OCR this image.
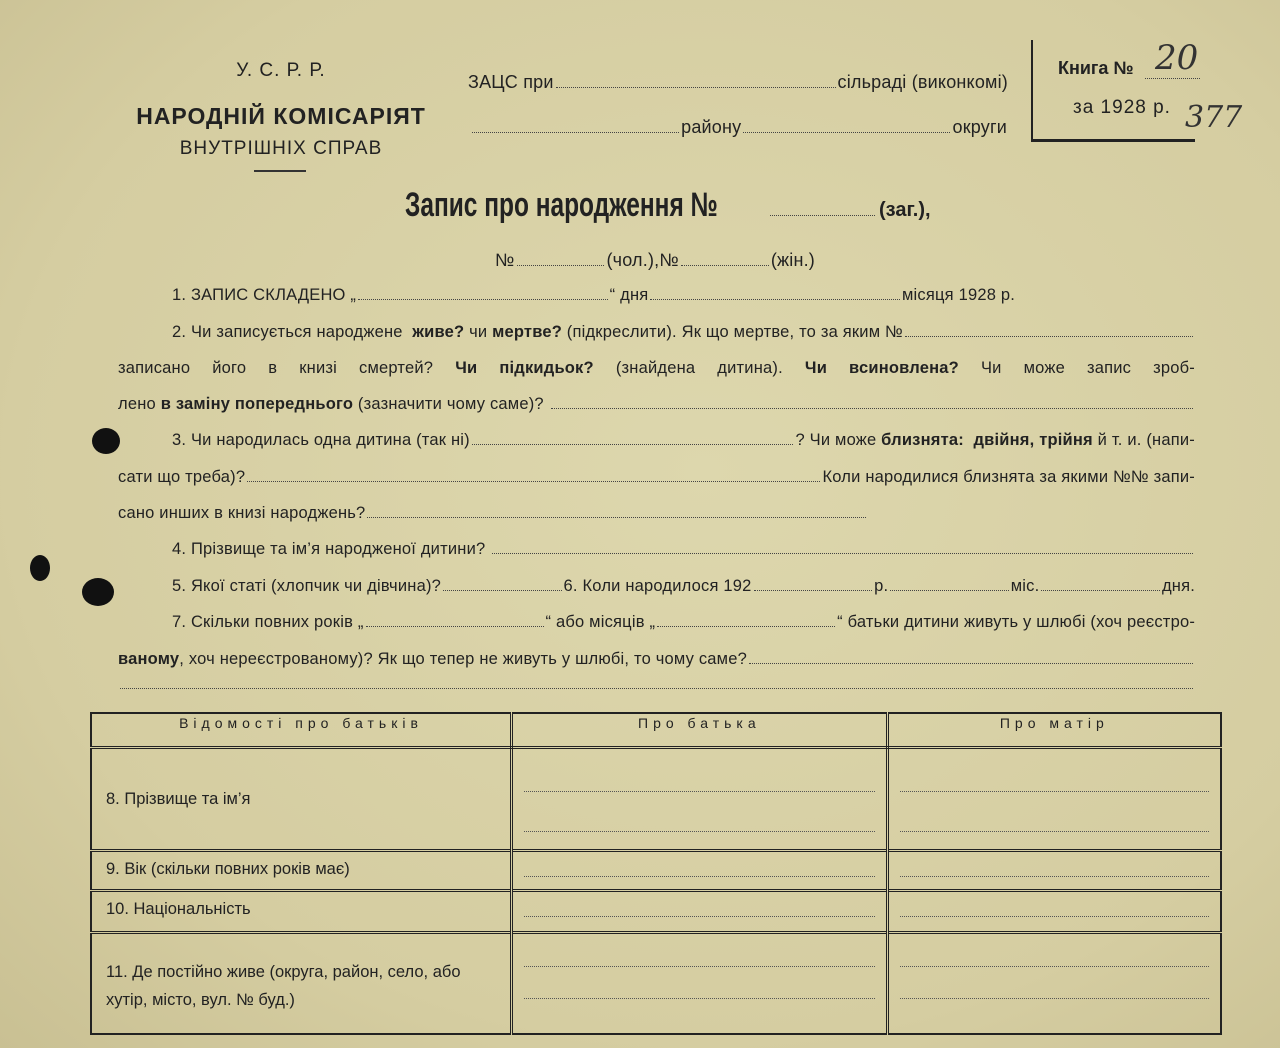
У. С. Р. Р.
НАРОДНІЙ КОМІСАРІЯТ
ВНУТРІШНІХ СПРАВ
ЗАЦС при	сільраді (виконкомі)
району	округи
Книга № 20
за 1928 р. 377
Запис про народження №	(заг.),
№	(чол.), №	(жін.)
1. ЗАПИС СКЛАДЕНО „	“ дня	місяця 1928 р.
2. Чи записується народжене живе? чи мертве? (підкреслити). Як що мертве, то за яким №
записано його в книзі смертей? Чи підкидьок? (знайдена дитина). Чи всиновлена? Чи може запис зроб-
лено в заміну попереднього (зазначити чому саме)?
3. Чи народилась одна дитина (так ні)	? Чи може близнята:  двійня, трійня й т. и. (напи-
сати що треба)?	Коли народилися близнята за якими №№ запи-
сано инших в книзі народжень?
4. Прізвище та ім’я народженої дитини?
5. Якої статі (хлопчик чи дівчина)?	6. Коли народилося 192	р.	міс.	дня.
7. Скільки повних років „	“ або місяців „	“ батьки дитини живуть у шлюбі (хоч реєстро-
ваному , хоч нереєстрованому)? Як що тепер не живуть у шлюбі, то чому саме?
Відомості про батьків	Про батька	Про матір
8. Прізвище та ім’я	

9. Вік (скільки повних років має)	

10. Національність	

11. Де постійно живе (округа, район, село, або хутір, місто, вул. № буд.)	
